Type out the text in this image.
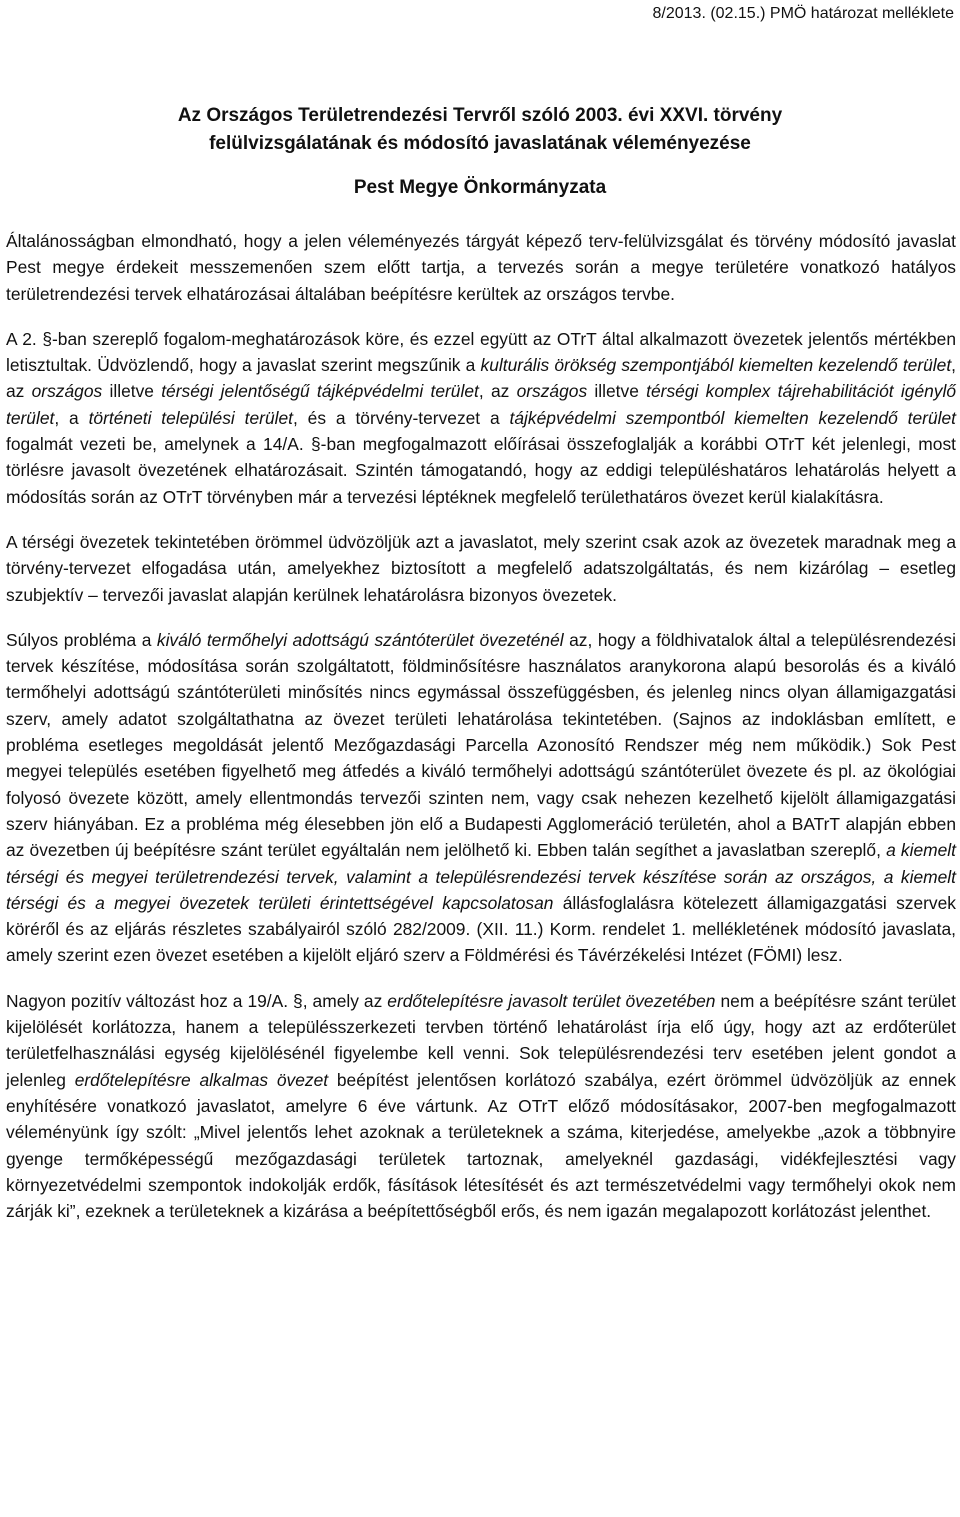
8/2013. (02.15.) PMÖ határozat melléklete
Az Országos Területrendezési Tervről szóló 2003. évi XXVI. törvény
felülvizsgálatának és módosító javaslatának véleményezése
Pest Megye Önkormányzata

Általánosságban elmondható, hogy a jelen véleményezés tárgyát képező terv-felülvizsgálat és törvény módosító javaslat Pest megye érdekeit messzemenően szem előtt tartja, a tervezés során a megye területére vonatkozó hatályos területrendezési tervek elhatározásai általában beépítésre kerültek az országos tervbe.

A 2. §-ban szereplő fogalom-meghatározások köre, és ezzel együtt az OTrT által alkalmazott övezetek jelentős mértékben letisztultak. Üdvözlendő, hogy a javaslat szerint megszűnik a kulturális örökség szempontjából kiemelten kezelendő terület, az országos illetve térségi jelentőségű tájképvédelmi terület, az országos illetve térségi komplex tájrehabilitációt igénylő terület, a történeti települési terület, és a törvény-tervezet a tájképvédelmi szempontból kiemelten kezelendő terület fogalmát vezeti be, amelynek a 14/A. §-ban megfogalmazott előírásai összefoglalják a korábbi OTrT két jelenlegi, most törlésre javasolt övezetének elhatározásait. Szintén támogatandó, hogy az eddigi településhatáros lehatárolás helyett a módosítás során az OTrT törvényben már a tervezési léptéknek megfelelő területhatáros övezet kerül kialakításra.

A térségi övezetek tekintetében örömmel üdvözöljük azt a javaslatot, mely szerint csak azok az övezetek maradnak meg a törvény-tervezet elfogadása után, amelyekhez biztosított a megfelelő adatszolgáltatás, és nem kizárólag – esetleg szubjektív – tervezői javaslat alapján kerülnek lehatárolásra bizonyos övezetek.

Súlyos probléma a kiváló termőhelyi adottságú szántóterület övezeténél az, hogy a földhivatalok által a településrendezési tervek készítése, módosítása során szolgáltatott, földminősítésre használatos aranykorona alapú besorolás és a kiváló termőhelyi adottságú szántóterületi minősítés nincs egymással összefüggésben, és jelenleg nincs olyan államigazgatási szerv, amely adatot szolgáltathatna az övezet területi lehatárolása tekintetében. (Sajnos az indoklásban említett, e probléma esetleges megoldását jelentő Mezőgazdasági Parcella Azonosító Rendszer még nem működik.) Sok Pest megyei település esetében figyelhető meg átfedés a kiváló termőhelyi adottságú szántóterület övezete és pl. az ökológiai folyosó övezete között, amely ellentmondás tervezői szinten nem, vagy csak nehezen kezelhető kijelölt államigazgatási szerv hiányában. Ez a probléma még élesebben jön elő a Budapesti Agglomeráció területén, ahol a BATrT alapján ebben az övezetben új beépítésre szánt terület egyáltalán nem jelölhető ki. Ebben talán segíthet a javaslatban szereplő, a kiemelt térségi és megyei területrendezési tervek, valamint a településrendezési tervek készítése során az országos, a kiemelt térségi és a megyei övezetek területi érintettségével kapcsolatosan állásfoglalásra kötelezett államigazgatási szervek köréről és az eljárás részletes szabályairól szóló 282/2009. (XII. 11.) Korm. rendelet 1. mellékletének módosító javaslata, amely szerint ezen övezet esetében a kijelölt eljáró szerv a Földmérési és Távérzékelési Intézet (FÖMI) lesz.

Nagyon pozitív változást hoz a 19/A. §, amely az erdőtelepítésre javasolt terület övezetében nem a beépítésre szánt terület kijelölését korlátozza, hanem a településszerkezeti tervben történő lehatárolást írja elő úgy, hogy azt az erdőterület területfelhasználási egység kijelölésénél figyelembe kell venni. Sok településrendezési terv esetében jelent gondot a jelenleg erdőtelepítésre alkalmas övezet beépítést jelentősen korlátozó szabálya, ezért örömmel üdvözöljük az ennek enyhítésére vonatkozó javaslatot, amelyre 6 éve vártunk. Az OTrT előző módosításakor, 2007-ben megfogalmazott véleményünk így szólt: „Mivel jelentős lehet azoknak a területeknek a száma, kiterjedése, amelyekbe „azok a többnyire gyenge termőképességű mezőgazdasági területek tartoznak, amelyeknél gazdasági, vidékfejlesztési vagy környezetvédelmi szempontok indokolják erdők, fásítások létesítését és azt természetvédelmi vagy termőhelyi okok nem zárják ki”, ezeknek a területeknek a kizárása a beépítettőségből erős, és nem igazán megalapozott korlátozást jelenthet.
